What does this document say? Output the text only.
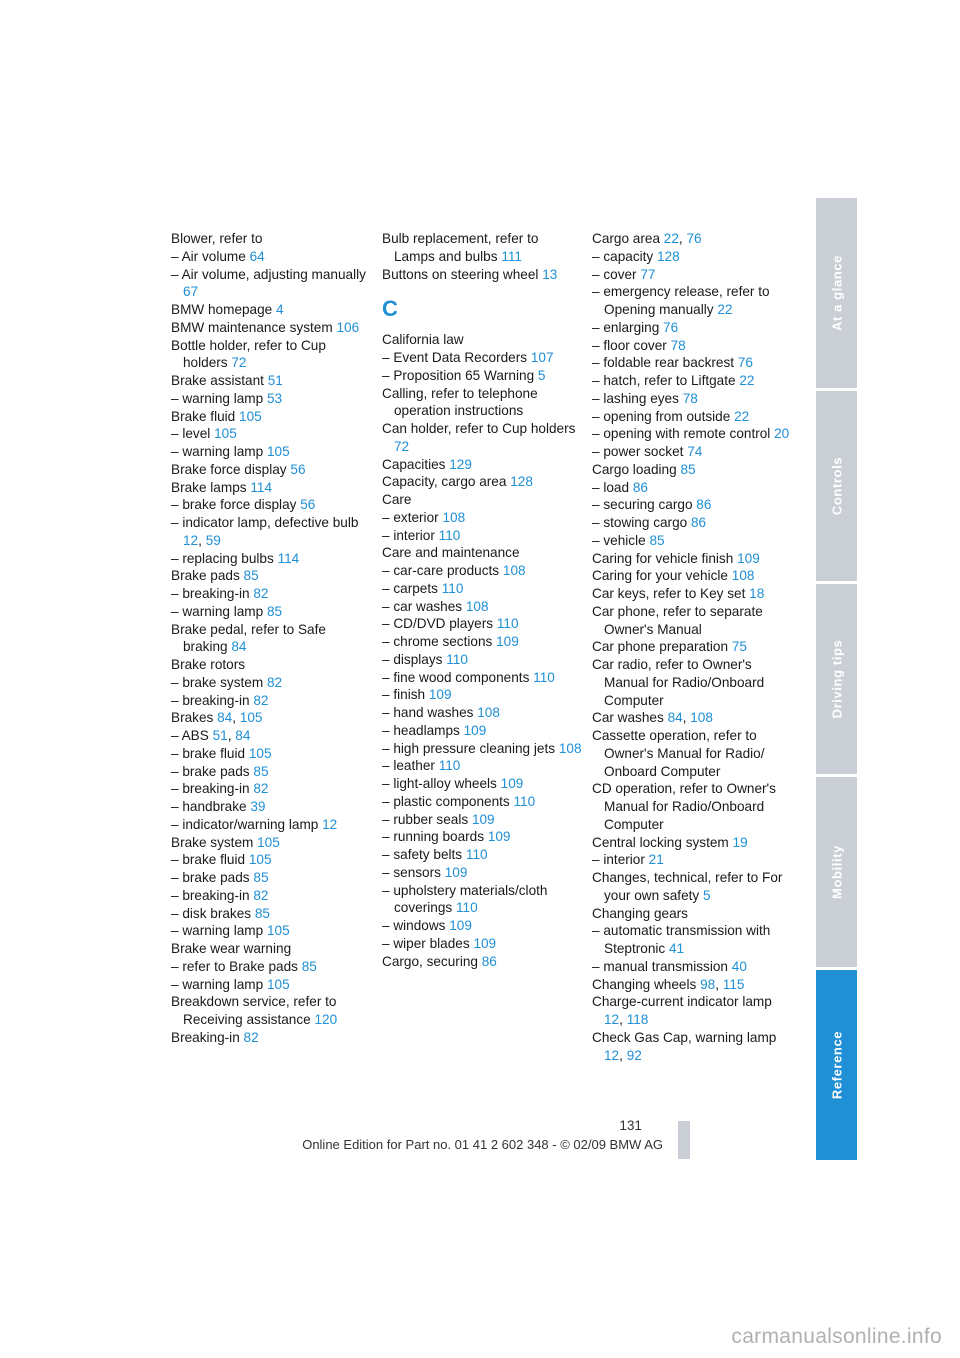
Blower, refer to
– Air volume 64
– Air volume, adjusting manually 67
BMW homepage 4
BMW maintenance system 106
Bottle holder, refer to Cup holders 72
Brake assistant 51
– warning lamp 53
Brake fluid 105
– level 105
– warning lamp 105
Brake force display 56
Brake lamps 114
– brake force display 56
– indicator lamp, defective bulb 12, 59
– replacing bulbs 114
Brake pads 85
– breaking-in 82
– warning lamp 85
Brake pedal, refer to Safe braking 84
Brake rotors
– brake system 82
– breaking-in 82
Brakes 84, 105
– ABS 51, 84
– brake fluid 105
– brake pads 85
– breaking-in 82
– handbrake 39
– indicator/warning lamp 12
Brake system 105
– brake fluid 105
– brake pads 85
– breaking-in 82
– disk brakes 85
– warning lamp 105
Brake wear warning
– refer to Brake pads 85
– warning lamp 105
Breakdown service, refer to Receiving assistance 120
Breaking-in 82
Bulb replacement, refer to Lamps and bulbs 111
Buttons on steering wheel 13
C
California law
– Event Data Recorders 107
– Proposition 65 Warning 5
Calling, refer to telephone operation instructions
Can holder, refer to Cup holders 72
Capacities 129
Capacity, cargo area 128
Care
– exterior 108
– interior 110
Care and maintenance
– car-care products 108
– carpets 110
– car washes 108
– CD/DVD players 110
– chrome sections 109
– displays 110
– fine wood components 110
– finish 109
– hand washes 108
– headlamps 109
– high pressure cleaning jets 108
– leather 110
– light-alloy wheels 109
– plastic components 110
– rubber seals 109
– running boards 109
– safety belts 110
– sensors 109
– upholstery materials/cloth coverings 110
– windows 109
– wiper blades 109
Cargo, securing 86
Cargo area 22, 76
– capacity 128
– cover 77
– emergency release, refer to Opening manually 22
– enlarging 76
– floor cover 78
– foldable rear backrest 76
– hatch, refer to Liftgate 22
– lashing eyes 78
– opening from outside 22
– opening with remote control 20
– power socket 74
Cargo loading 85
– load 86
– securing cargo 86
– stowing cargo 86
– vehicle 85
Caring for vehicle finish 109
Caring for your vehicle 108
Car keys, refer to Key set 18
Car phone, refer to separate Owner's Manual
Car phone preparation 75
Car radio, refer to Owner's Manual for Radio/Onboard Computer
Car washes 84, 108
Cassette operation, refer to Owner's Manual for Radio/ Onboard Computer
CD operation, refer to Owner's Manual for Radio/Onboard Computer
Central locking system 19
– interior 21
Changes, technical, refer to For your own safety 5
Changing gears
– automatic transmission with Steptronic 41
– manual transmission 40
Changing wheels 98, 115
Charge-current indicator lamp 12, 118
Check Gas Cap, warning lamp 12, 92
At a glance
Controls
Driving tips
Mobility
Reference
131
Online Edition for Part no. 01 41 2 602 348 - © 02/09 BMW AG
carmanualsonline.info
